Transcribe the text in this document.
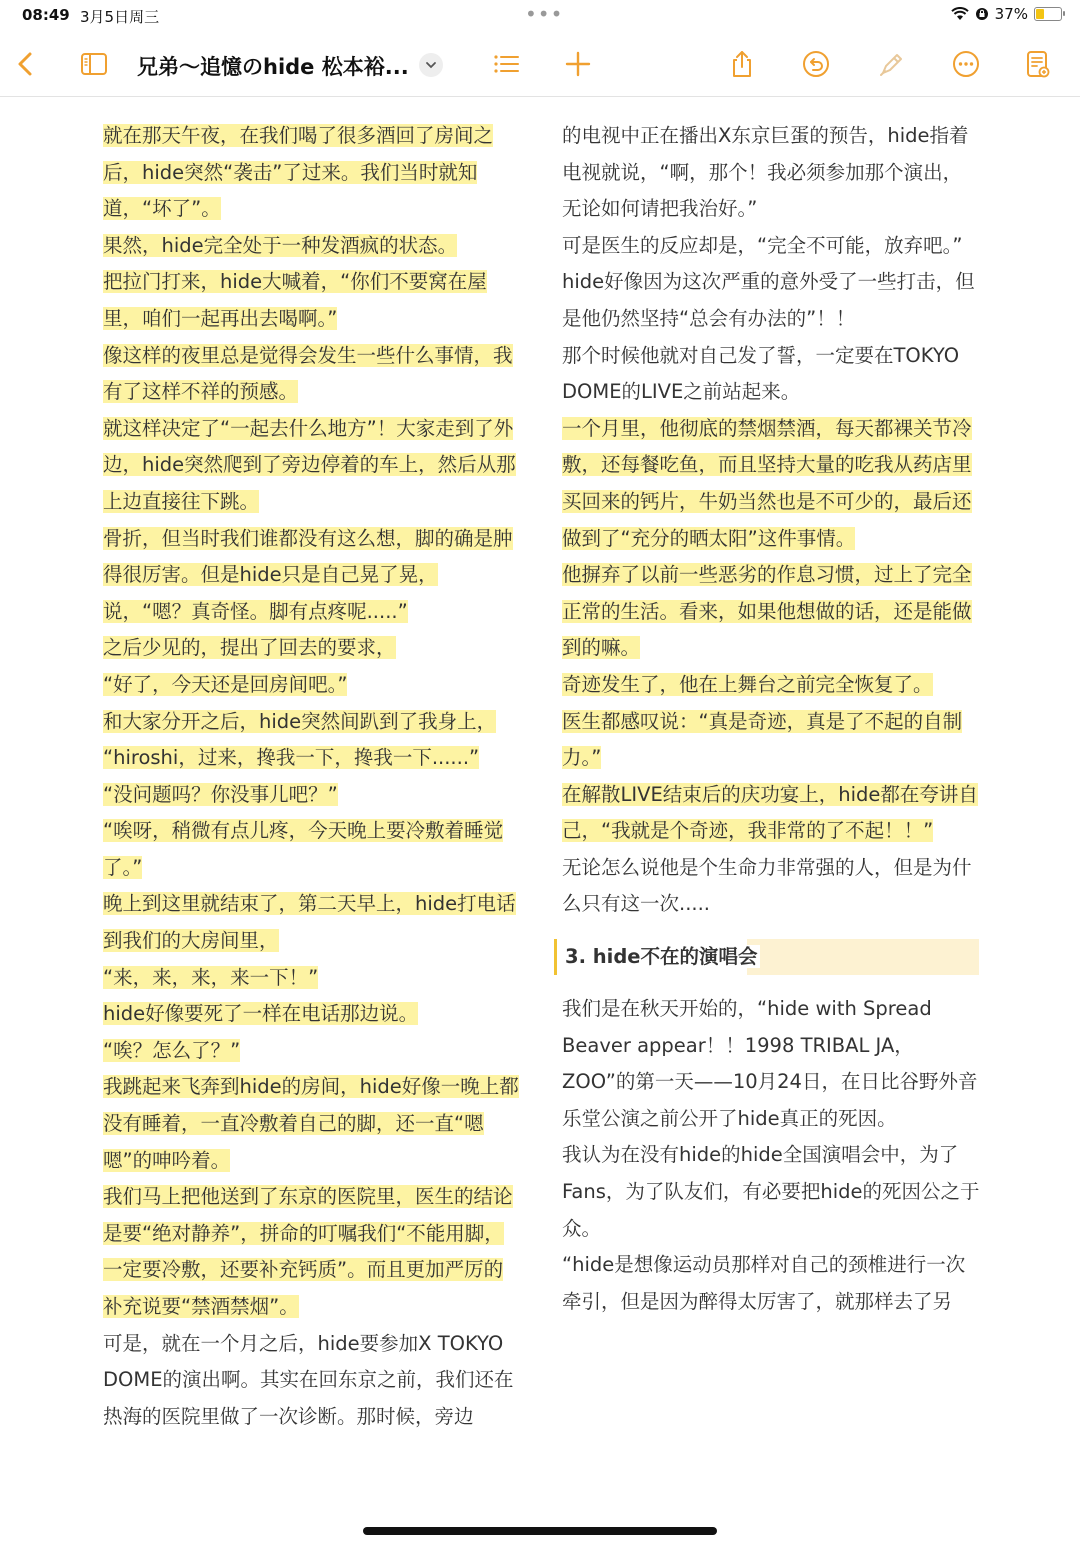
08:49 3月5日周三	•••	37%
兄弟～追憶のhide 松本裕...
就在那天午夜，在我们喝了很多酒回了房间之后，hide突然“袭击”了过来。我们当时就知道，“坏了”。
果然，hide完全处于一种发酒疯的状态。
把拉门打来，hide大喊着，“你们不要窝在屋里，咱们一起再出去喝啊。”
像这样的夜里总是觉得会发生一些什么事情，我有了这样不祥的预感。
就这样决定了“一起去什么地方”！大家走到了外边，hide突然爬到了旁边停着的车上，然后从那上边直接往下跳。
骨折，但当时我们谁都没有这么想，脚的确是肿得很厉害。但是hide只是自己晃了晃，说，“嗯？真奇怪。脚有点疼呢.....”
之后少见的，提出了回去的要求，
“好了，今天还是回房间吧。”
和大家分开之后，hide突然间趴到了我身上，
“hiroshi，过来，搀我一下，搀我一下......”
“没问题吗？你没事儿吧？”
“唉呀，稍微有点儿疼，今天晚上要冷敷着睡觉了。”
晚上到这里就结束了，第二天早上，hide打电话到我们的大房间里，
“来，来，来，来一下！”
hide好像要死了一样在电话那边说。
“唉？怎么了？”
我跳起来飞奔到hide的房间，hide好像一晚上都没有睡着，一直冷敷着自己的脚，还一直“嗯嗯”的呻吟着。
我们马上把他送到了东京的医院里，医生的结论是要“绝对静养”，拼命的叮嘱我们“不能用脚，一定要冷敷，还要补充钙质”。而且更加严厉的补充说要“禁酒禁烟”。
可是，就在一个月之后，hide要参加X TOKYO DOME的演出啊。其实在回东京之前，我们还在热海的医院里做了一次诊断。那时候，旁边
的电视中正在播出X东京巨蛋的预告，hide指着电视就说，“啊，那个！我必须参加那个演出，无论如何请把我治好。”
可是医生的反应却是，“完全不可能，放弃吧。”
hide好像因为这次严重的意外受了一些打击，但是他仍然坚持“总会有办法的”！！
那个时候他就对自己发了誓，一定要在TOKYO DOME的LIVE之前站起来。
一个月里，他彻底的禁烟禁酒，每天都裸关节冷敷，还每餐吃鱼，而且坚持大量的吃我从药店里买回来的钙片，牛奶当然也是不可少的，最后还做到了“充分的晒太阳”这件事情。
他摒弃了以前一些恶劣的作息习惯，过上了完全正常的生活。看来，如果他想做的话，还是能做到的嘛。
奇迹发生了，他在上舞台之前完全恢复了。
医生都感叹说：“真是奇迹，真是了不起的自制力。”
在解散LIVE结束后的庆功宴上，hide都在夸讲自己，“我就是个奇迹，我非常的了不起！！”
无论怎么说他是个生命力非常强的人，但是为什么只有这一次.....
3. hide不在的演唱会
我们是在秋天开始的，“hide with Spread Beaver appear！！1998 TRIBAL JA，ZOO”的第一天——10月24日，在日比谷野外音乐堂公演之前公开了hide真正的死因。
我认为在没有hide的hide全国演唱会中，为了Fans，为了队友们，有必要把hide的死因公之于众。
“hide是想像运动员那样对自己的颈椎进行一次牵引，但是因为醉得太厉害了，就那样去了另
